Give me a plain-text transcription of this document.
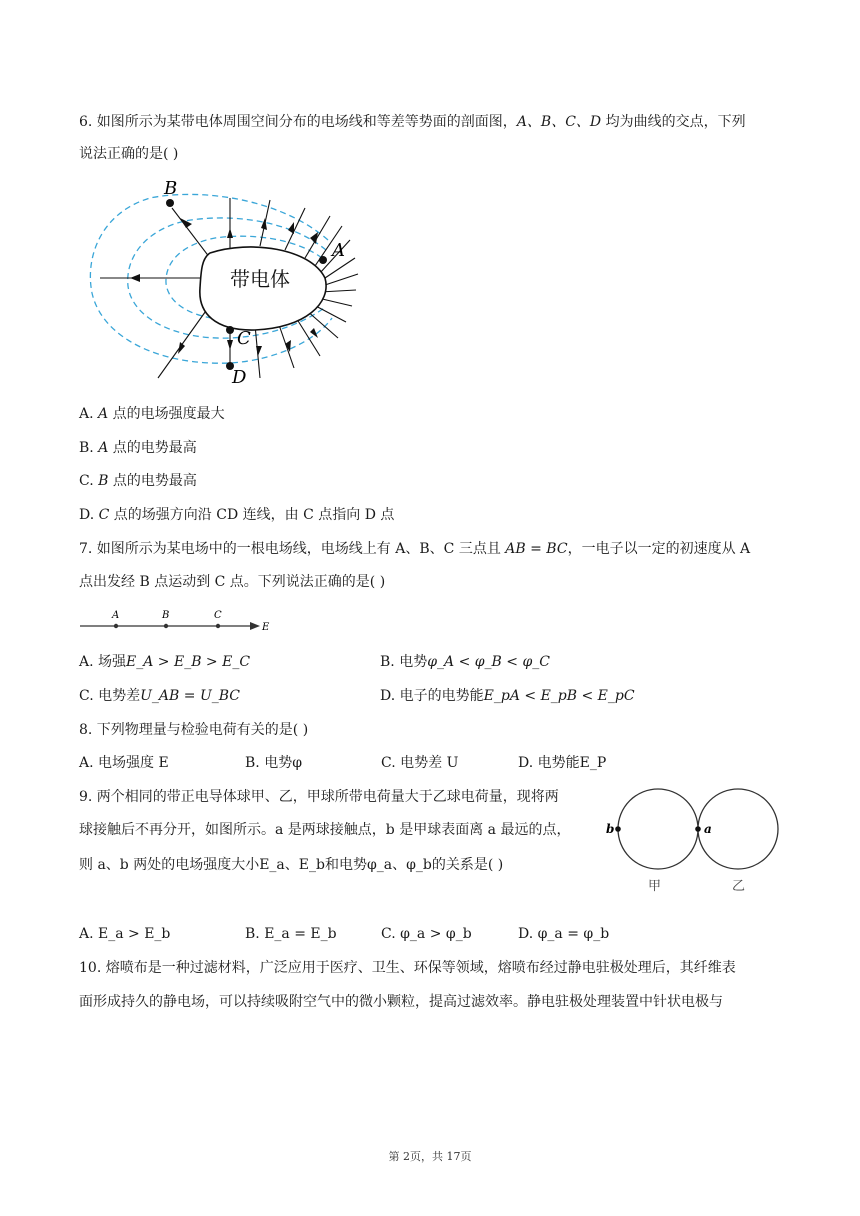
6. 如图所示为某带电体周围空间分布的电场线和等差等势面的剖面图，A、B、C、D 均为曲线的交点，下列
说法正确的是( )
带电体
B
A
C
D
A. A 点的电场强度最大
B. A 点的电势最高
C. B 点的电势最高
D. C 点的场强方向沿 CD 连线，由 C 点指向 D 点
7. 如图所示为某电场中的一根电场线，电场线上有 A、B、C 三点且 AB = BC，一电子以一定的初速度从 A
点出发经 B 点运动到 C 点。下列说法正确的是( )
A	B	C
E
A. 场强E_A > E_B > E_C	B. 电势φ_A < φ_B < φ_C
C. 电势差U_AB = U_BC	D. 电子的电势能E_pA < E_pB < E_pC
8. 下列物理量与检验电荷有关的是( )
A. 电场强度 E	B. 电势φ	C. 电势差 U	D. 电势能E_P
9. 两个相同的带正电导体球甲、乙，甲球所带电荷量大于乙球电荷量，现将两
球接触后不再分开，如图所示。a 是两球接触点，b 是甲球表面离 a 最远的点，
则 a、b 两处的电场强度大小E_a、E_b和电势φ_a、φ_b的关系是( )
b	a
甲	乙
A. E_a > E_b	B. E_a = E_b	C. φ_a > φ_b	D. φ_a = φ_b
10. 熔喷布是一种过滤材料，广泛应用于医疗、卫生、环保等领域，熔喷布经过静电驻极处理后，其纤维表
面形成持久的静电场，可以持续吸附空气中的微小颗粒，提高过滤效率。静电驻极处理装置中针状电极与
第 2页，共 17页
